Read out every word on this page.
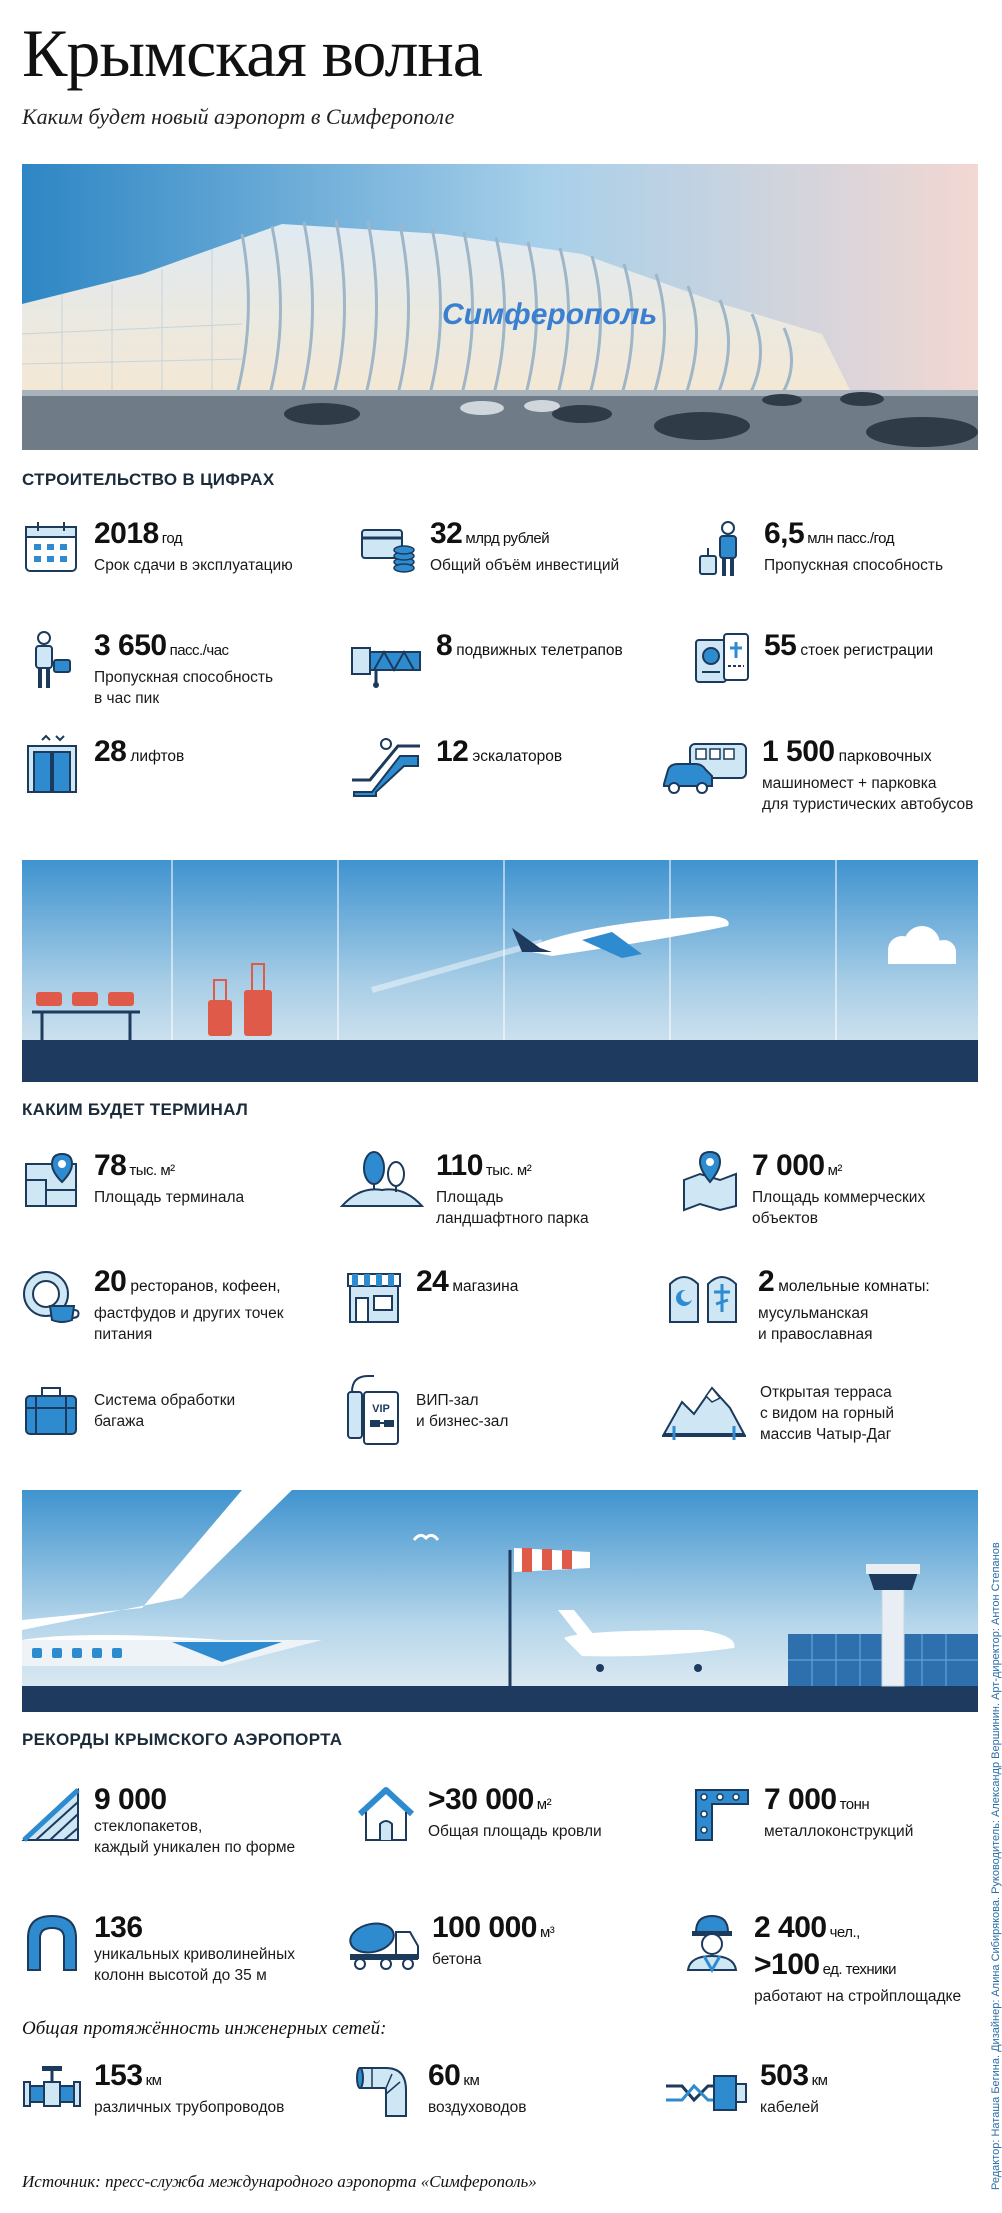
Крымская волна
Каким будет новый аэропорт в Симферополе
Симферополь
СТРОИТЕЛЬСТВО В ЦИФРАХ
2018 год
Срок сдачи в эксплуатацию
32 млрд рублей
Общий объём инвестиций
6,5 млн пасс./год
Пропускная способность
3 650 пасс./час
Пропускная способность
в час пик
8 подвижных телетрапов	55 стоек регистрации
28 лифтов	12 эскалаторов	1 500 парковочных
машиномест + парковка
для туристических автобусов
КАКИМ БУДЕТ ТЕРМИНАЛ
78 тыс. м²
Площадь терминала
110 тыс. м²
Площадь
ландшафтного парка
7 000 м²
Площадь коммерческих
объектов
20 ресторанов, кофеен,
фастфудов и других точек
питания
24 магазина	2 молельные комнаты:
мусульманская
и православная
Система обработки
багажа
VIP ВИП-зал
и бизнес-зал
Открытая терраса
с видом на горный
массив Чатыр-Даг
РЕКОРДЫ КРЫМСКОГО АЭРОПОРТА
9 000
стеклопакетов,
каждый уникален по форме
>30 000 м²
Общая площадь кровли
7 000 тонн
металлоконструкций
136
уникальных криволинейных
колонн высотой до 35 м
100 000 м³
бетона
2 400 чел.,
>100 ед. техники
работают на стройплощадке
Общая протяжённость инженерных сетей:
153 км
различных трубопроводов
60 км
воздуховодов
503 км
кабелей
Источник: пресс-служба международного аэропорта «Симферополь»	Редактор: Наташа Бегина. Дизайнер: Алина Сибирякова. Руководитель: Александр Вершинин. Арт-директор: Антон Степанов
